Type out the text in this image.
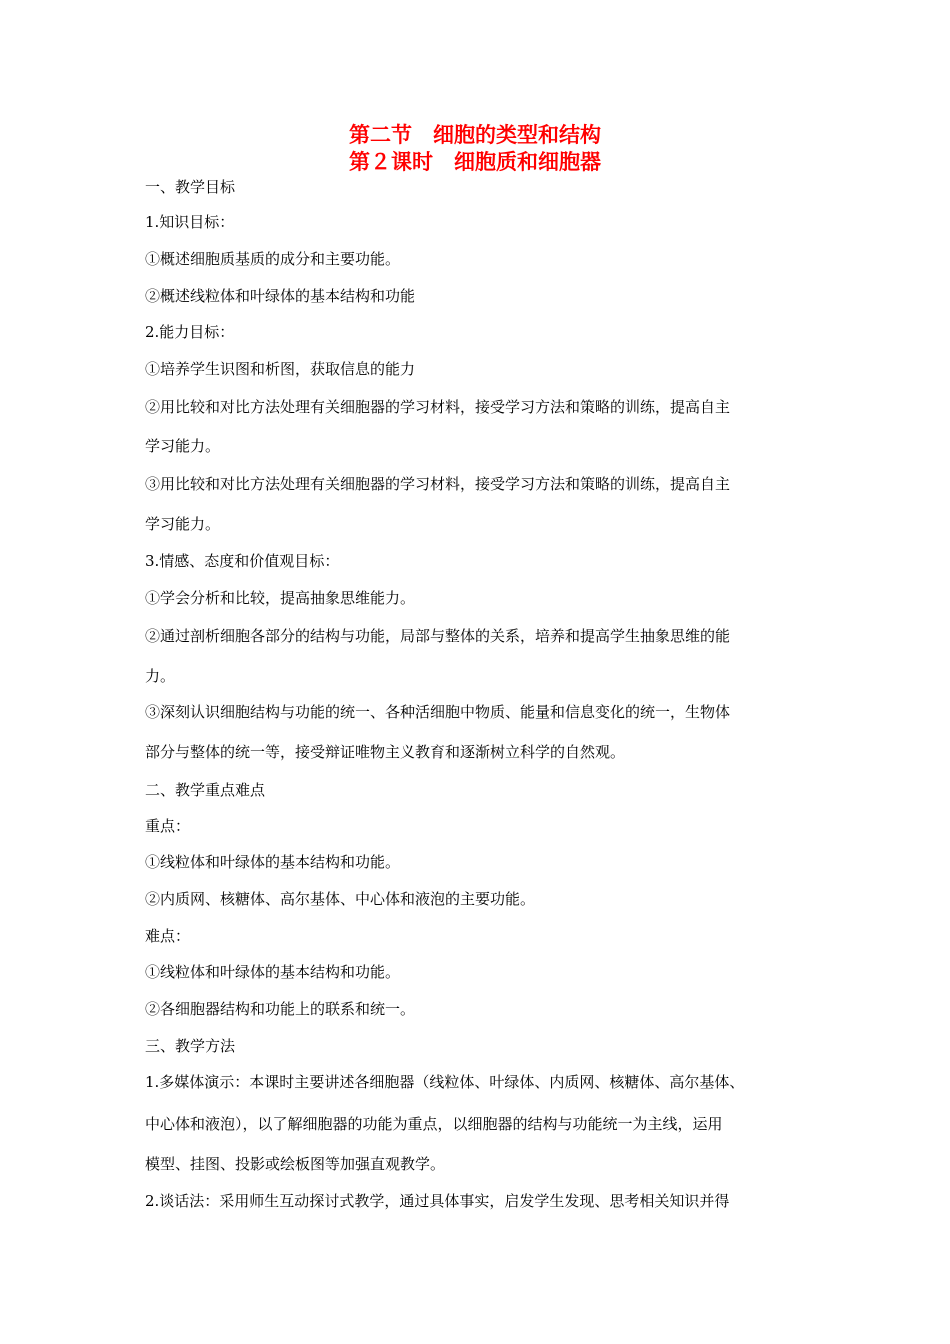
第二节　细胞的类型和结构
第２课时　细胞质和细胞器
一、教学目标
1.知识目标：
①概述细胞质基质的成分和主要功能。
②概述线粒体和叶绿体的基本结构和功能
2.能力目标：
①培养学生识图和析图，获取信息的能力
②用比较和对比方法处理有关细胞器的学习材料，接受学习方法和策略的训练，提高自主
学习能力。
③用比较和对比方法处理有关细胞器的学习材料，接受学习方法和策略的训练，提高自主
学习能力。
3.情感、态度和价值观目标：
①学会分析和比较，提高抽象思维能力。
②通过剖析细胞各部分的结构与功能，局部与整体的关系，培养和提高学生抽象思维的能
力。
③深刻认识细胞结构与功能的统一、各种活细胞中物质、能量和信息变化的统一，生物体
部分与整体的统一等，接受辩证唯物主义教育和逐渐树立科学的自然观。
二、教学重点难点
重点：
①线粒体和叶绿体的基本结构和功能。
②内质网、核糖体、高尔基体、中心体和液泡的主要功能。
难点：
①线粒体和叶绿体的基本结构和功能。
②各细胞器结构和功能上的联系和统一。
三、教学方法
1.多媒体演示：本课时主要讲述各细胞器（线粒体、叶绿体、内质网、核糖体、高尔基体、
中心体和液泡），以了解细胞器的功能为重点，以细胞器的结构与功能统一为主线，运用
模型、挂图、投影或绘板图等加强直观教学。
2.谈话法：采用师生互动探讨式教学，通过具体事实，启发学生发现、思考相关知识并得
